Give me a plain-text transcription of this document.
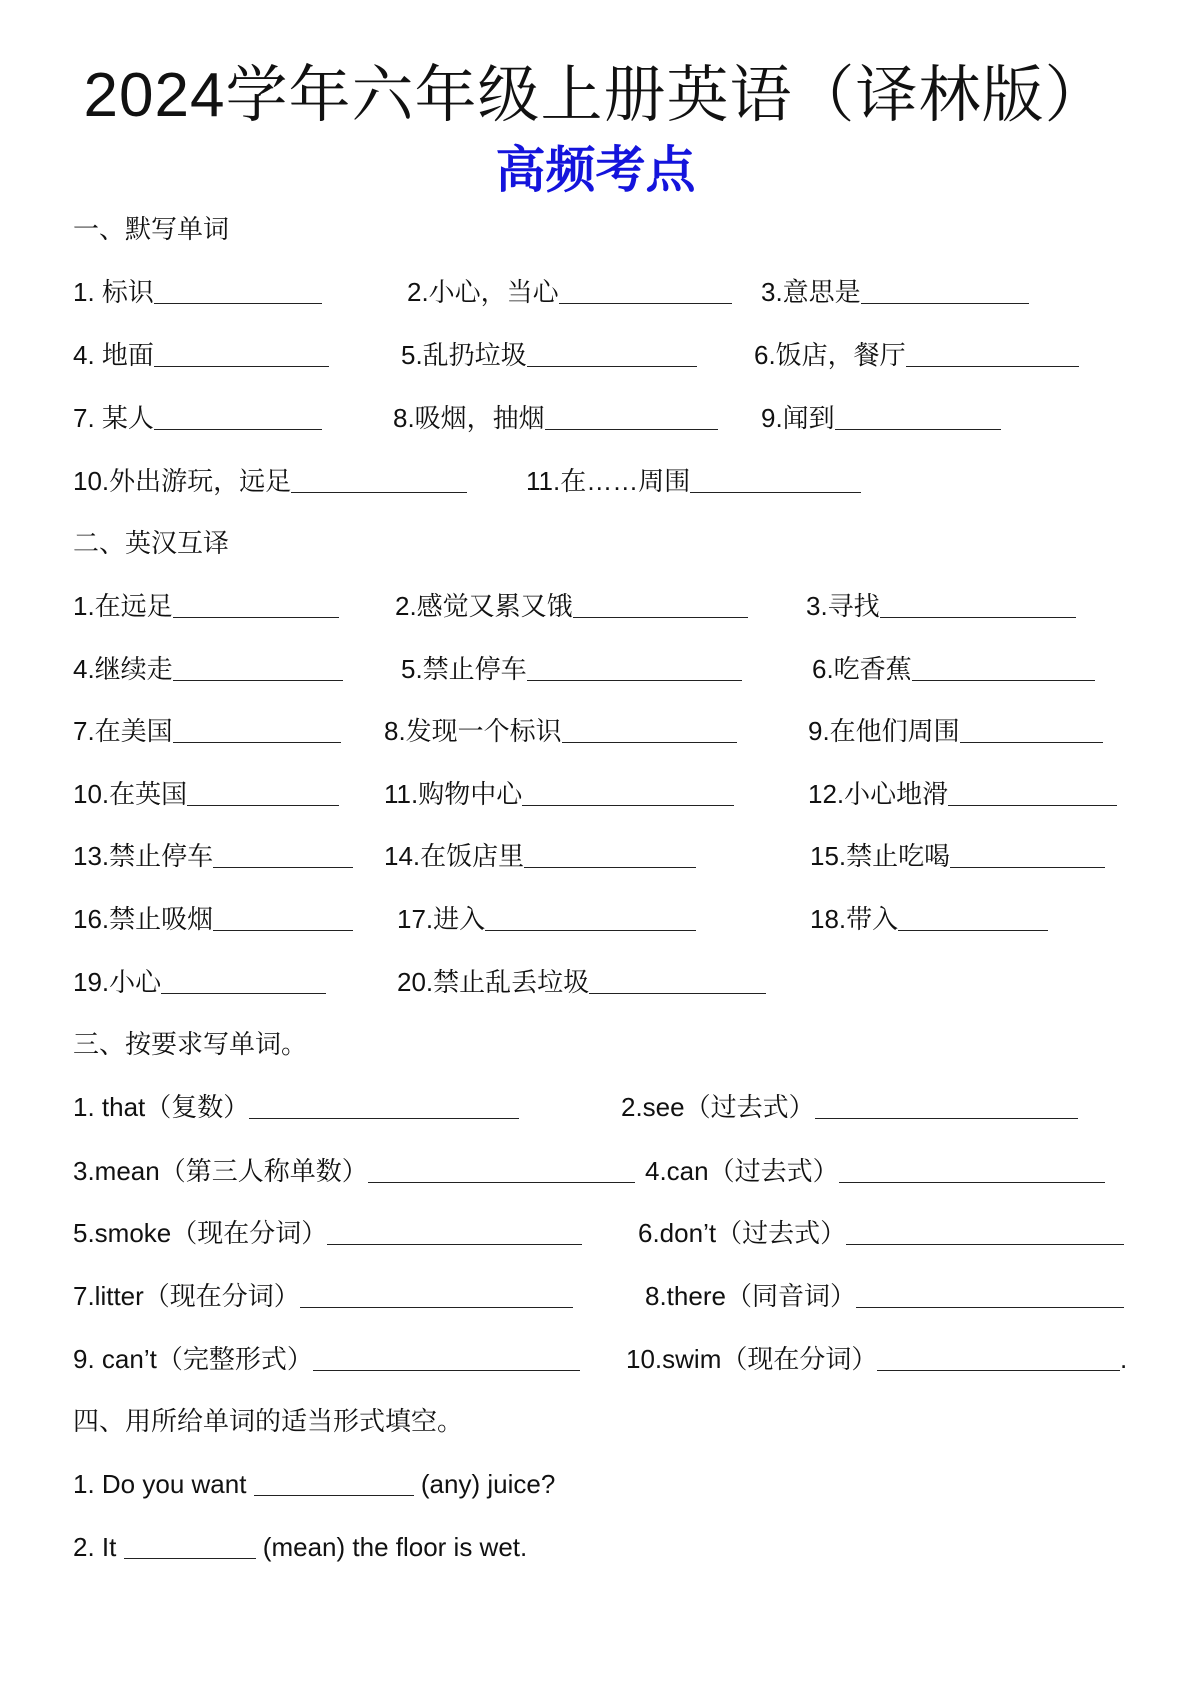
2024学年六年级上册英语（译林版）
高频考点
一、默写单词
1. 标识	2.小心，当心	3.意思是
4. 地面	5.乱扔垃圾	6.饭店，餐厅
7. 某人	8.吸烟，抽烟	9.闻到
10.外出游玩，远足	11.在……周围
二、英汉互译
1.在远足	2.感觉又累又饿	3.寻找
4.继续走	5.禁止停车	6.吃香蕉
7.在美国	8.发现一个标识	9.在他们周围
10.在英国	11.购物中心	12.小心地滑
13.禁止停车	14.在饭店里	15.禁止吃喝
16.禁止吸烟	17.进入	18.带入
19.小心	20.禁止乱丢垃圾
三、按要求写单词。
1. that（复数）	2.see（过去式）
3.mean（第三人称单数）	4.can（过去式）
5.smoke（现在分词）	6.don’t（过去式）
7.litter（现在分词）	8.there（同音词）
9. can’t（完整形式）	10.swim（现在分词）	.
四、用所给单词的适当形式填空。
1. Do you want	(any) juice?
2. It	(mean) the floor is wet.
